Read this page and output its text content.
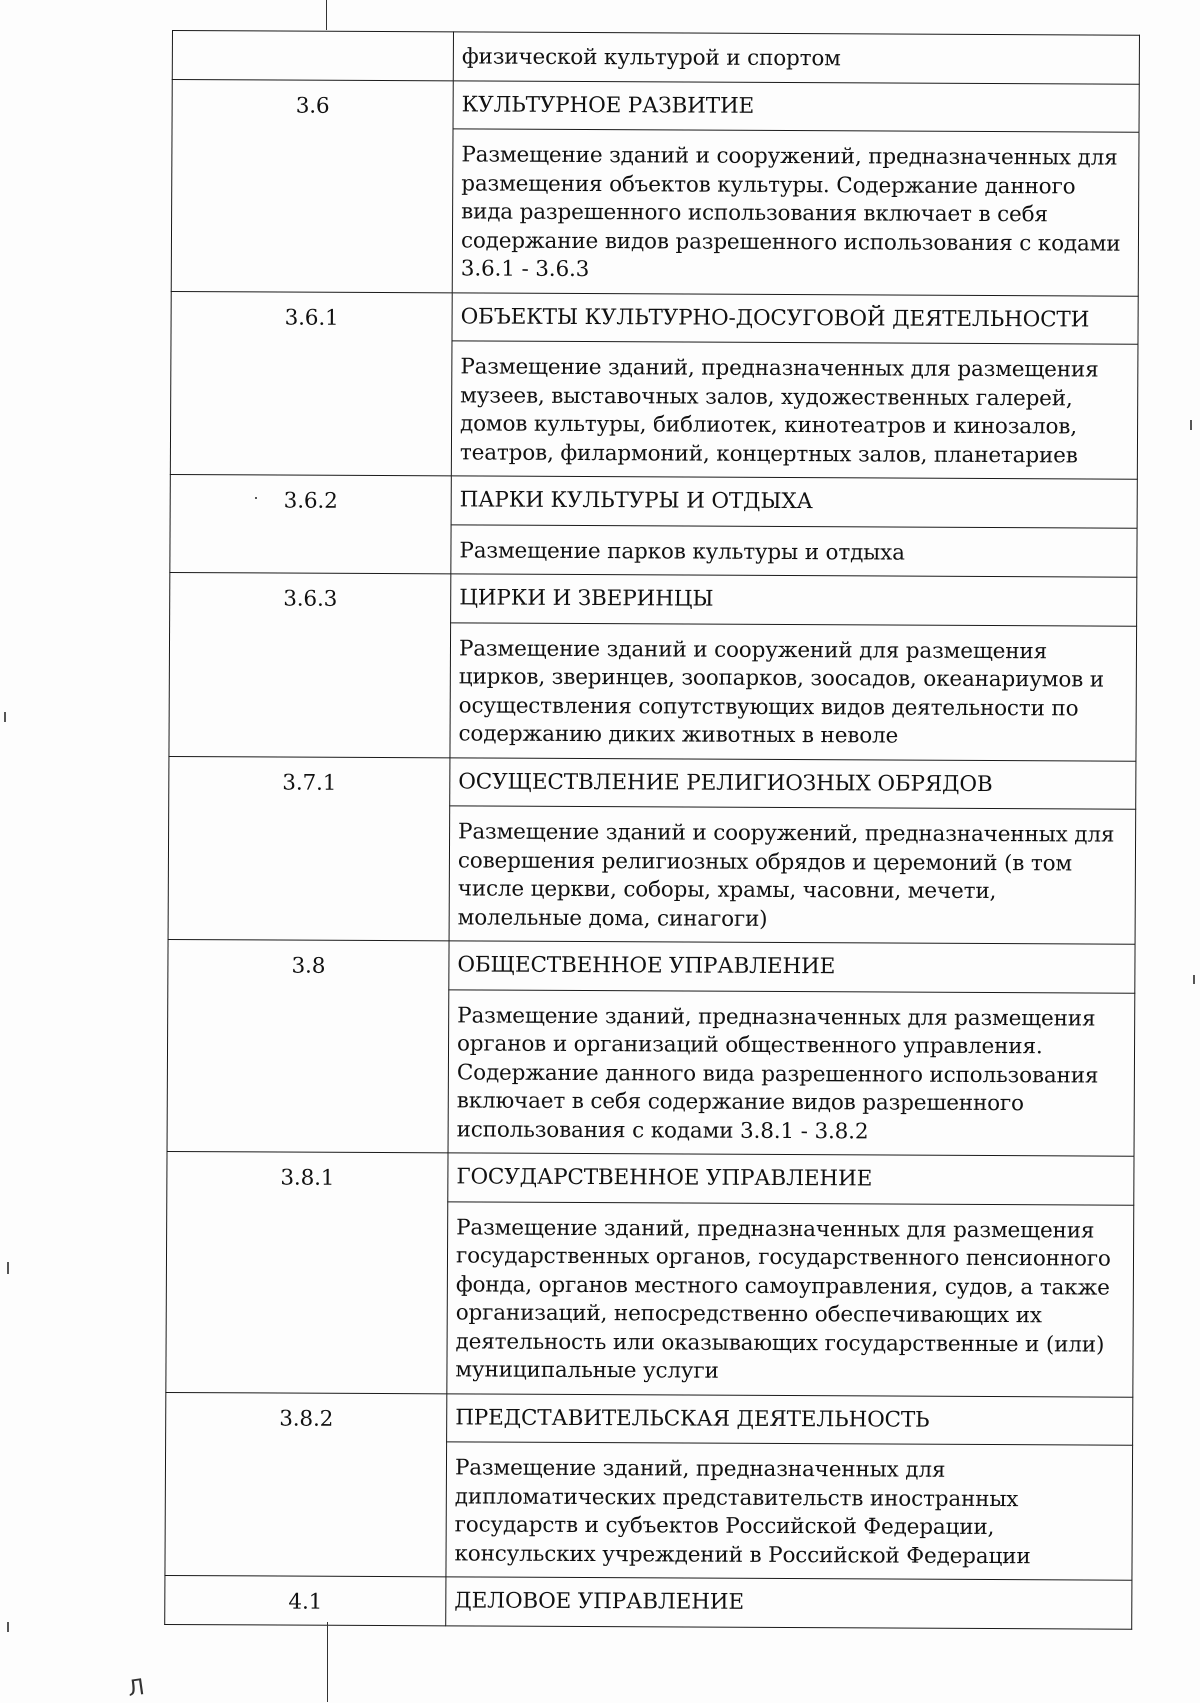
	физической культурой и спортом
3.6	КУЛЬТУРНОЕ РАЗВИТИЕ
	Размещение зданий и сооружений, предназначенных для размещения объектов культуры. Содержание данного вида разрешенного использования включает в себя содержание видов разрешенного использования с кодами 3.6.1 - 3.6.3
3.6.1	ОБЪЕКТЫ КУЛЬТУРНО-ДОСУГОВОЙ ДЕЯТЕЛЬНОСТИ
	Размещение зданий, предназначенных для размещения музеев, выставочных залов, художественных галерей, домов культуры, библиотек, кинотеатров и кинозалов, театров, филармоний, концертных залов, планетариев
3.6.2	ПАРКИ КУЛЬТУРЫ И ОТДЫХА
	Размещение парков культуры и отдыха
3.6.3	ЦИРКИ И ЗВЕРИНЦЫ
	Размещение зданий и сооружений для размещения цирков, зверинцев, зоопарков, зоосадов, океанариумов и осуществления сопутствующих видов деятельности по содержанию диких животных в неволе
3.7.1	ОСУЩЕСТВЛЕНИЕ РЕЛИГИОЗНЫХ ОБРЯДОВ
	Размещение зданий и сооружений, предназначенных для совершения религиозных обрядов и церемоний (в том числе церкви, соборы, храмы, часовни, мечети, молельные дома, синагоги)
3.8	ОБЩЕСТВЕННОЕ УПРАВЛЕНИЕ
	Размещение зданий, предназначенных для размещения органов и организаций общественного управления. Содержание данного вида разрешенного использования включает в себя содержание видов разрешенного использования с кодами 3.8.1 - 3.8.2
3.8.1	ГОСУДАРСТВЕННОЕ УПРАВЛЕНИЕ
	Размещение зданий, предназначенных для размещения государственных органов, государственного пенсионного фонда, органов местного самоуправления, судов, а также организаций, непосредственно обеспечивающих их деятельность или оказывающих государственные и (или) муниципальные услуги
3.8.2	ПРЕДСТАВИТЕЛЬСКАЯ ДЕЯТЕЛЬНОСТЬ
	Размещение зданий, предназначенных для дипломатических представительств иностранных государств и субъектов Российской Федерации, консульских учреждений в Российской Федерации
4.1	ДЕЛОВОЕ УПРАВЛЕНИЕ
Л
